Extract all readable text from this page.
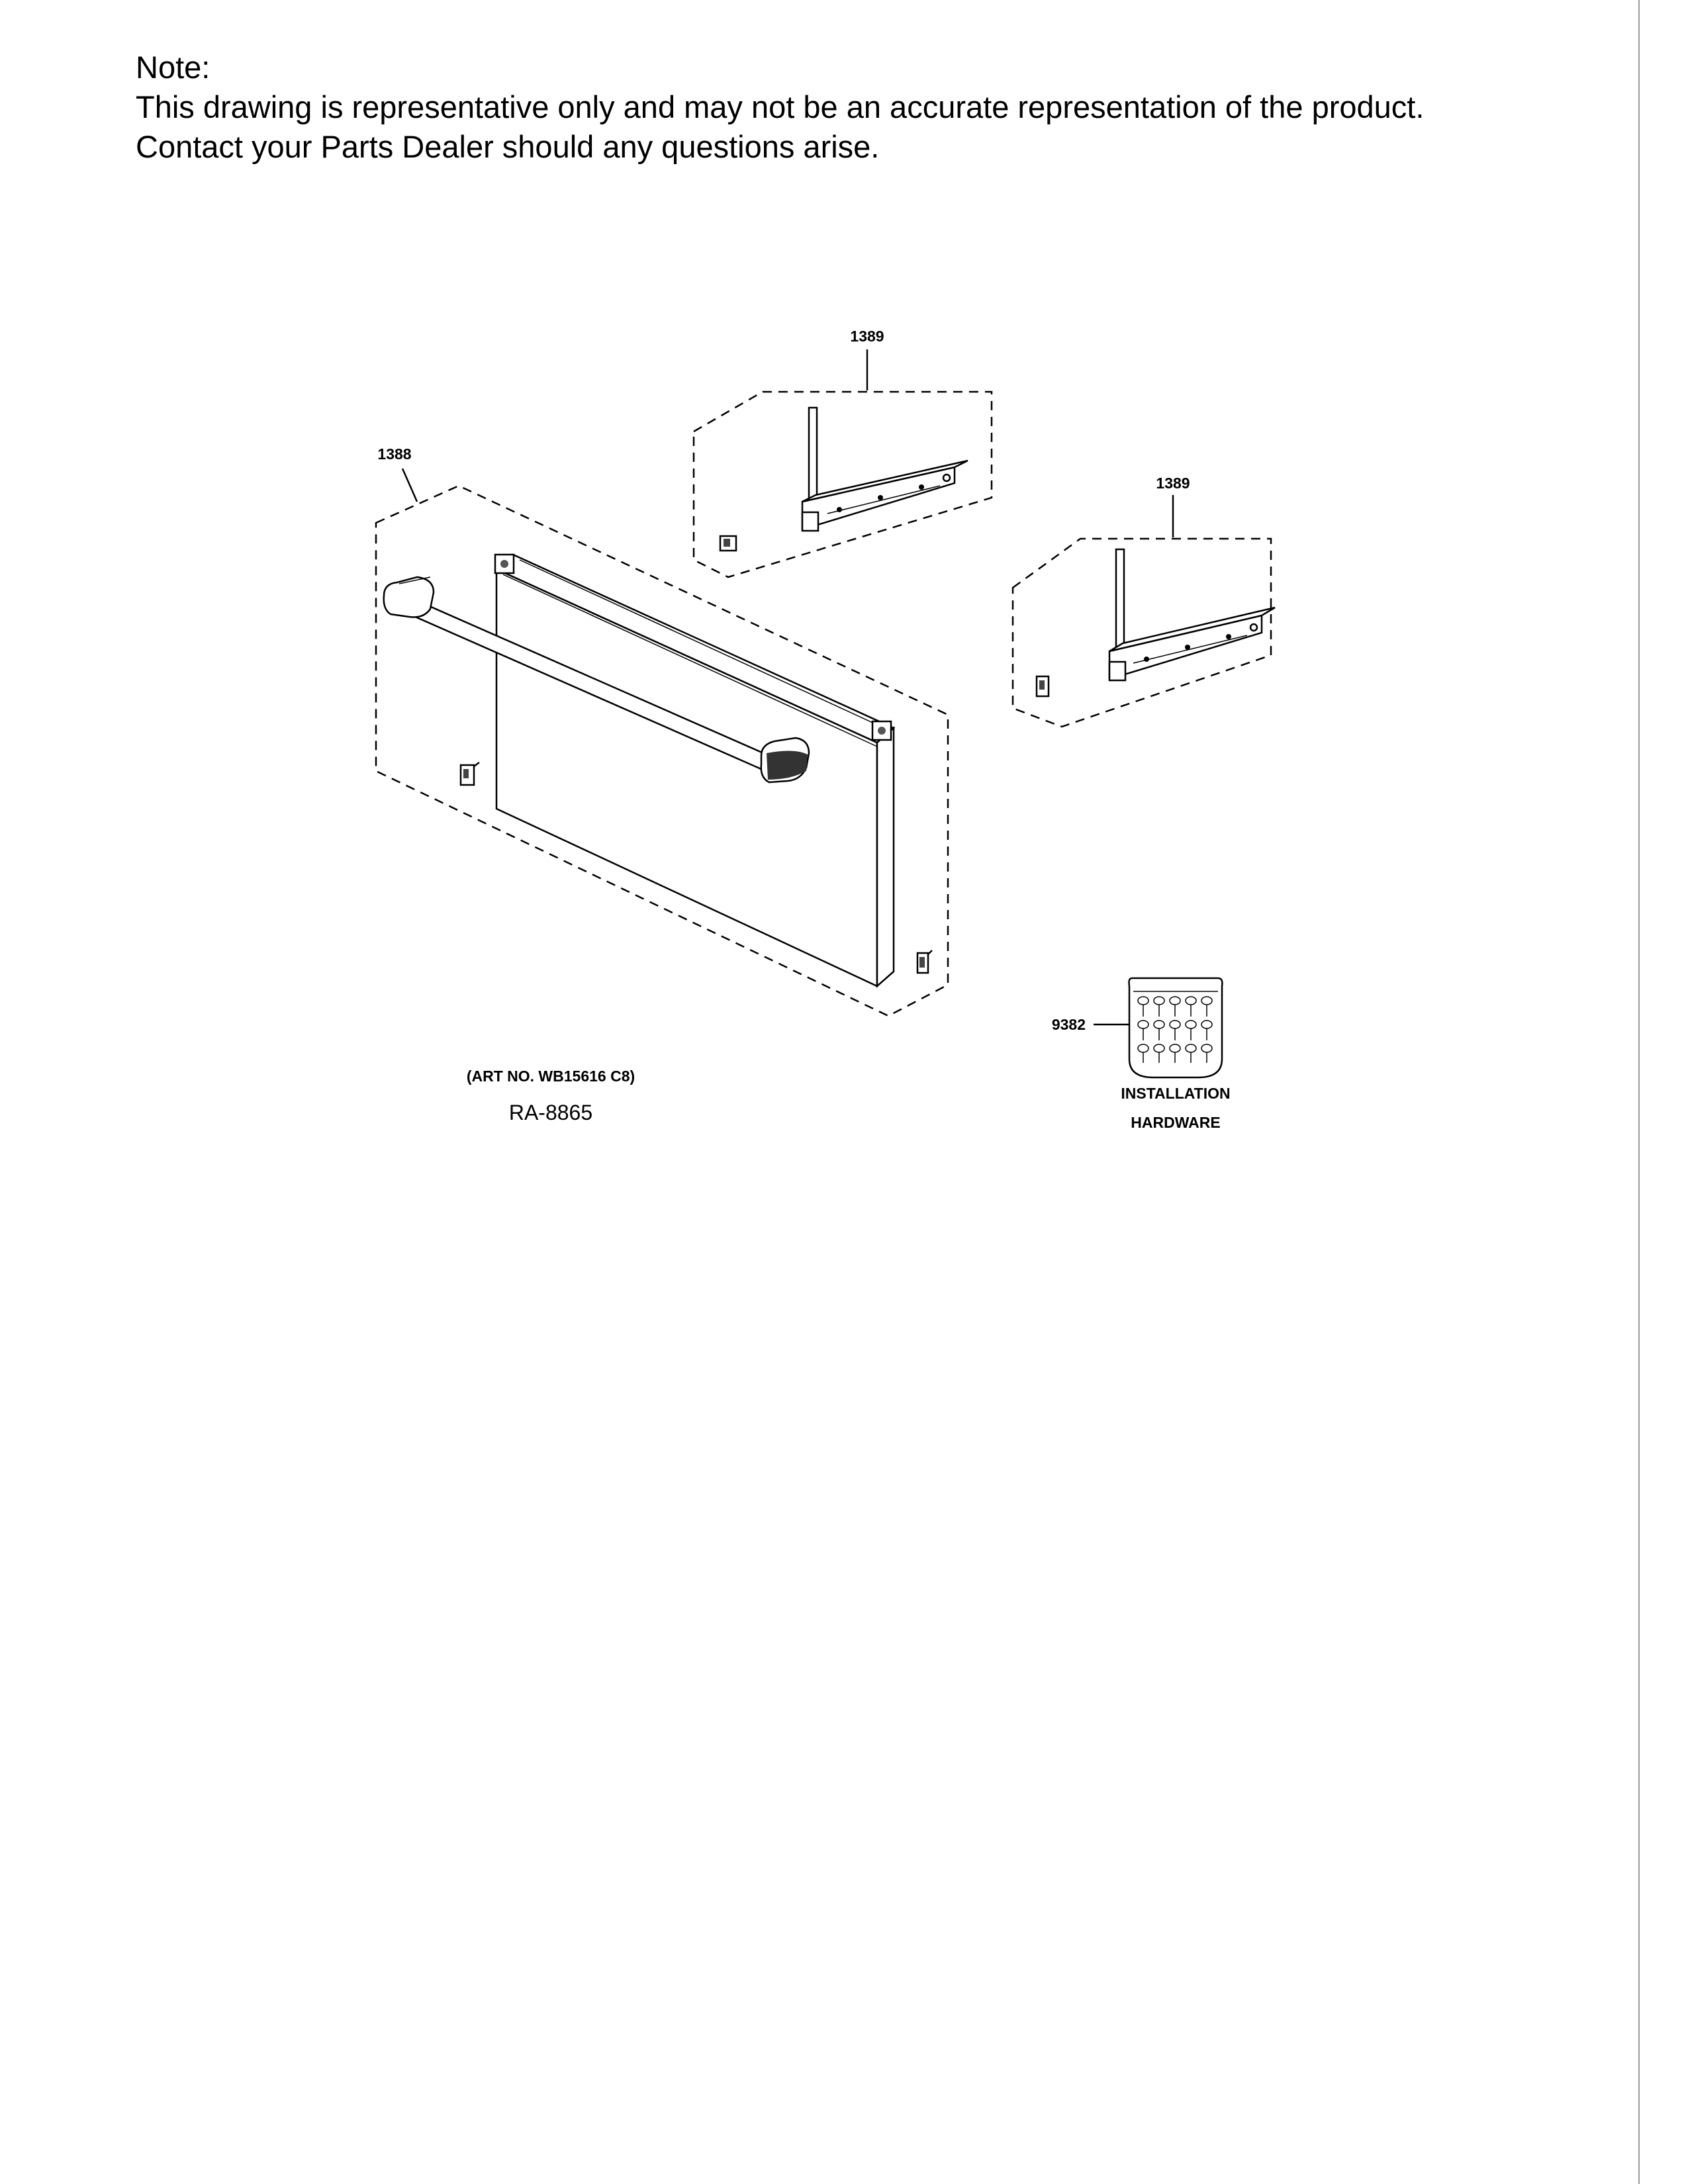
Note:
This drawing is representative only and may not be an accurate representation of the product.
Contact your Parts Dealer should any questions arise.
1388
1389
1389
9382
INSTALLATION
HARDWARE
(ART NO. WB15616 C8)
RA-8865
